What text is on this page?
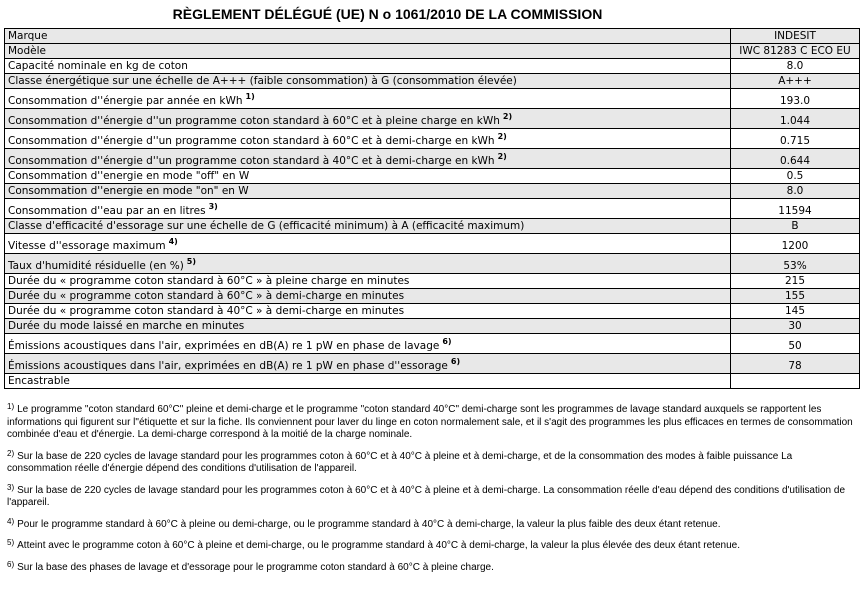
RÈGLEMENT DÉLÉGUÉ (UE) N o 1061/2010 DE LA COMMISSION
Marque	INDESIT
Modèle	IWC 81283 C ECO EU
Capacité nominale en kg de coton	8.0
Classe énergétique sur une échelle de A+++ (faible consommation) à G (consommation élevée)	A+++
Consommation d''énergie par année en kWh $^{1)}$	193.0
Consommation d''énergie d''un programme coton standard à 60°C et à pleine charge en kWh $^{2)}$	1.044
Consommation d''énergie d''un programme coton standard à 60°C et à demi-charge en kWh $^{2)}$	0.715
Consommation d''énergie d''un programme coton standard à 40°C et à demi-charge en kWh $^{2)}$	0.644
Consommation d''energie en mode "off" en W	0.5
Consommation d''energie en mode "on" en W	8.0
Consommation d''eau par an en litres $^{3)}$	11594
Classe d'efficacité d'essorage sur une échelle de G (efficacité minimum) à A (efficacité maximum)	B
Vitesse d''essorage maximum $^{4)}$	1200
Taux d'humidité résiduelle (en %) $^{5)}$	53%
Durée du « programme coton standard à 60°C » à pleine charge en minutes	215
Durée du « programme coton standard à 60°C » à demi-charge en minutes	155
Durée du « programme coton standard à 40°C » à demi-charge en minutes	145
Durée du mode laissé en marche en minutes	30
Émissions acoustiques dans l'air, exprimées en dB(A) re 1 pW en phase de lavage $^{6)}$	50
Émissions acoustiques dans l'air, exprimées en dB(A) re 1 pW en phase d''essorage $^{6)}$	78
Encastrable	
$^{1)}$ Le programme "coton standard 60°C" pleine et demi-charge et le programme "coton standard 40°C" demi-charge sont les programmes de lavage standard auxquels se rapportent les informations qui figurent sur l"étiquette et sur la fiche. Ils conviennent pour laver du linge en coton normalement sale, et il s'agit des programmes les plus efficaces en termes de consommation combinée d'eau et d'énergie. La demi-charge correspond à la moitié de la charge nominale.
$^{2)}$ Sur la base de 220 cycles de lavage standard pour les programmes coton à 60°C et à 40°C à pleine et à demi-charge, et de la consommation des modes à faible puissance La consommation réelle d'énergie dépend des conditions d'utilisation de l'appareil.
$^{3)}$ Sur la base de 220 cycles de lavage standard pour les programmes coton à 60°C et à 40°C à pleine et à demi-charge. La consommation réelle d'eau dépend des conditions d'utilisation de l'appareil.
$^{4)}$ Pour le programme standard à 60°C à pleine ou demi-charge, ou le programme standard à 40°C à demi-charge, la valeur la plus faible des deux étant retenue.
$^{5)}$ Atteint avec le programme coton à 60°C à pleine et demi-charge, ou le programme standard à 40°C à demi-charge, la valeur la plus élevée des deux étant retenue.
$^{6)}$ Sur la base des phases de lavage et d'essorage pour le programme coton standard à 60°C à pleine charge.
